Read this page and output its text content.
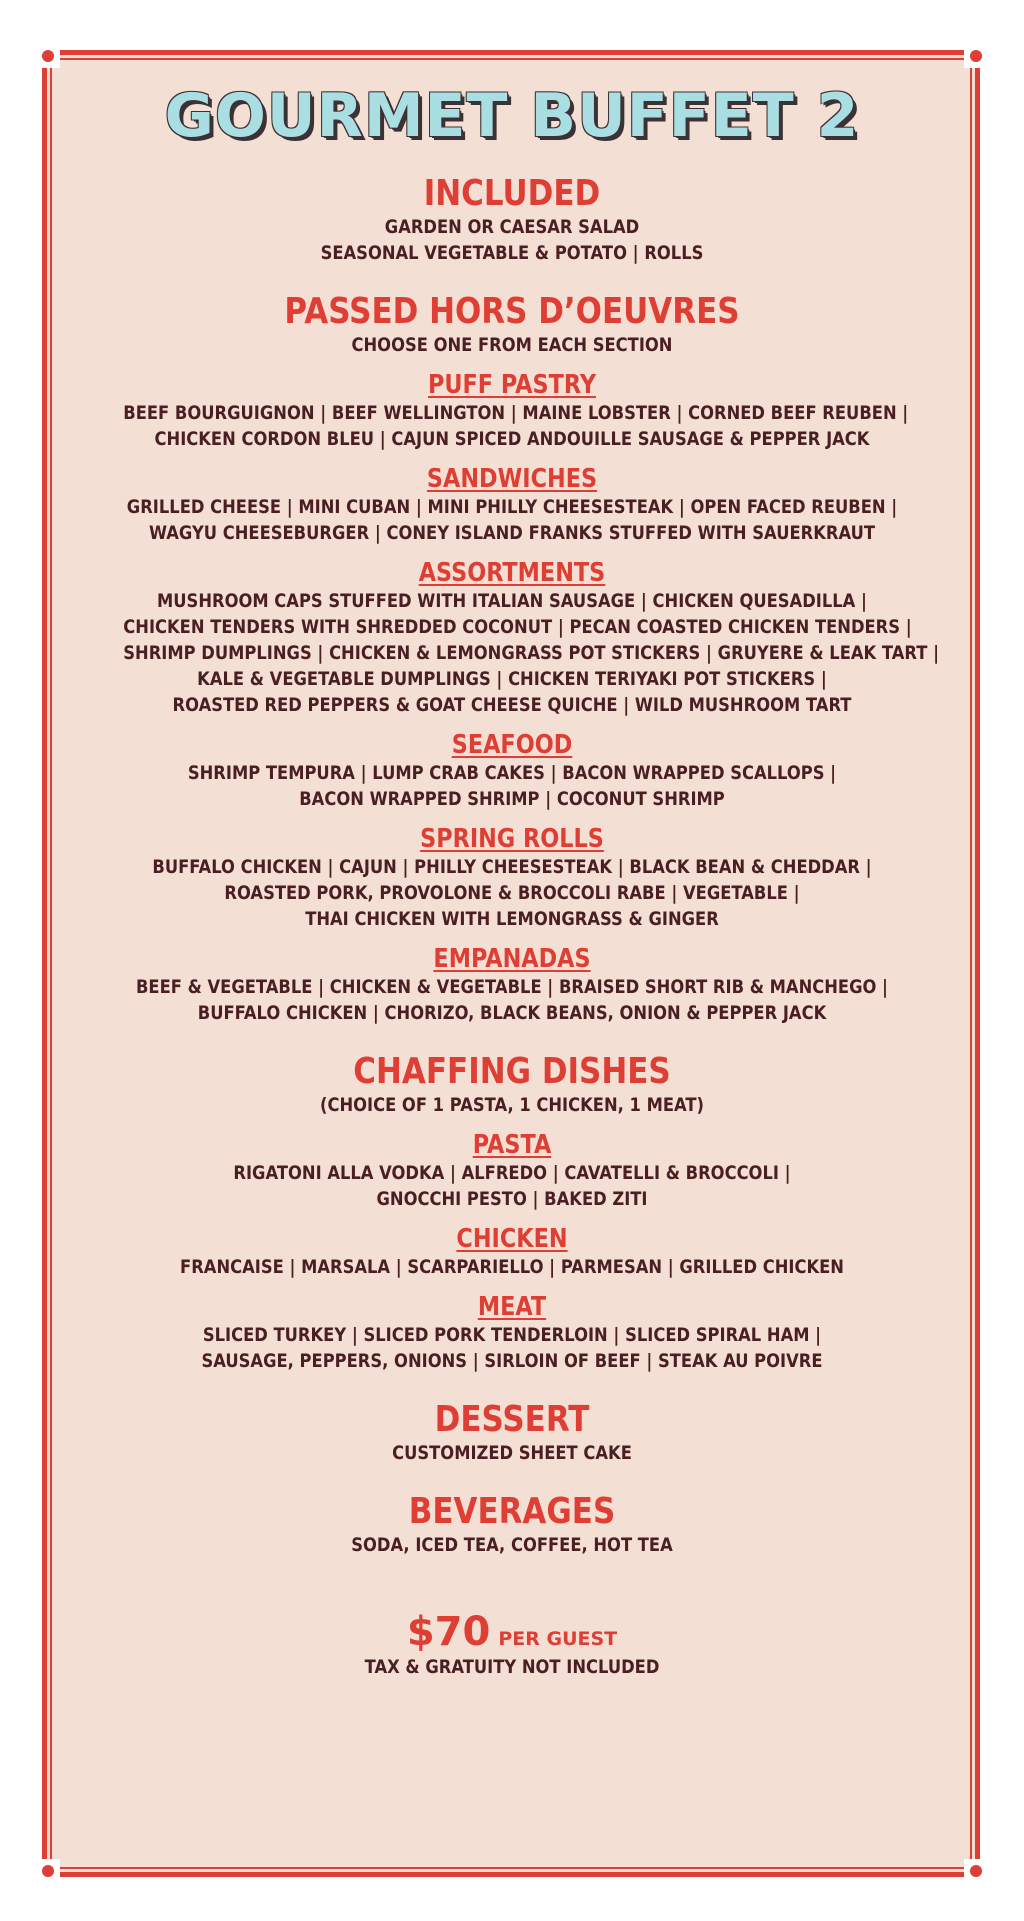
GOURMET BUFFET 2
INCLUDED
GARDEN OR CAESAR SALAD
SEASONAL VEGETABLE & POTATO | ROLLS
PASSED HORS D’OEUVRES
CHOOSE ONE FROM EACH SECTION
PUFF PASTRY
BEEF BOURGUIGNON | BEEF WELLINGTON | MAINE LOBSTER | CORNED BEEF REUBEN |
CHICKEN CORDON BLEU | CAJUN SPICED ANDOUILLE SAUSAGE & PEPPER JACK
SANDWICHES
GRILLED CHEESE | MINI CUBAN | MINI PHILLY CHEESESTEAK | OPEN FACED REUBEN |
WAGYU CHEESEBURGER | CONEY ISLAND FRANKS STUFFED WITH SAUERKRAUT
ASSORTMENTS
MUSHROOM CAPS STUFFED WITH ITALIAN SAUSAGE | CHICKEN QUESADILLA |
CHICKEN TENDERS WITH SHREDDED COCONUT | PECAN COASTED CHICKEN TENDERS |
SHRIMP DUMPLINGS | CHICKEN & LEMONGRASS POT STICKERS | GRUYERE & LEAK TART |
KALE & VEGETABLE DUMPLINGS | CHICKEN TERIYAKI POT STICKERS |
ROASTED RED PEPPERS & GOAT CHEESE QUICHE | WILD MUSHROOM TART
SEAFOOD
SHRIMP TEMPURA | LUMP CRAB CAKES | BACON WRAPPED SCALLOPS |
BACON WRAPPED SHRIMP | COCONUT SHRIMP
SPRING ROLLS
BUFFALO CHICKEN | CAJUN | PHILLY CHEESESTEAK | BLACK BEAN & CHEDDAR |
ROASTED PORK, PROVOLONE & BROCCOLI RABE | VEGETABLE |
THAI CHICKEN WITH LEMONGRASS & GINGER
EMPANADAS
BEEF & VEGETABLE | CHICKEN & VEGETABLE | BRAISED SHORT RIB & MANCHEGO |
BUFFALO CHICKEN | CHORIZO, BLACK BEANS, ONION & PEPPER JACK
CHAFFING DISHES
(CHOICE OF 1 PASTA, 1 CHICKEN, 1 MEAT)
PASTA
RIGATONI ALLA VODKA | ALFREDO | CAVATELLI & BROCCOLI |
GNOCCHI PESTO | BAKED ZITI
CHICKEN
FRANCAISE | MARSALA | SCARPARIELLO | PARMESAN | GRILLED CHICKEN
MEAT
SLICED TURKEY | SLICED PORK TENDERLOIN | SLICED SPIRAL HAM |
SAUSAGE, PEPPERS, ONIONS | SIRLOIN OF BEEF | STEAK AU POIVRE
DESSERT
CUSTOMIZED SHEET CAKE
BEVERAGES
SODA, ICED TEA, COFFEE, HOT TEA
$70 PER GUEST
TAX & GRATUITY NOT INCLUDED
